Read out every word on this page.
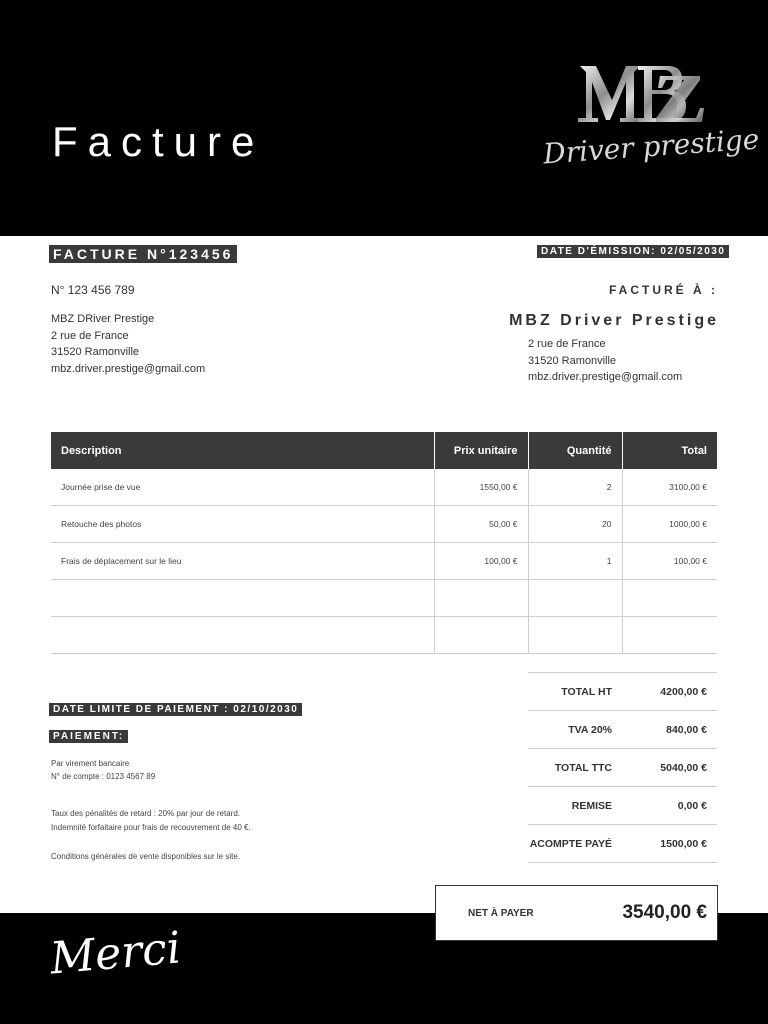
Facture	Driver prestige
FACTURE N°123456	DATE D'ÉMISSION: 02/05/2030
N° 123 456 789
MBZ DRiver Prestige
2 rue de France
31520 Ramonville
mbz.driver.prestige@gmail.com
FACTURÉ À :
MBZ Driver Prestige
2 rue de France
31520 Ramonville
mbz.driver.prestige@gmail.com
Description	Prix unitaire	Quantité	Total
Journée prise de vue	1550,00 €	2	3100,00 €
Retouche des photos	50,00 €	20	1000,00 €
Frais de déplacement sur le lieu	100,00 €	1	100,00 €

TOTAL HT	4200,00 €
TVA 20%	840,00 €
TOTAL TTC	5040,00 €
REMISE	0,00 €
ACOMPTE PAYÉ	1500,00 €
DATE LIMITE DE PAIEMENT : 02/10/2030
PAIEMENT:
Par virement bancaire
N° de compte : 0123 4567 89
Taux des pénalités de retard : 20% par jour de retard.
Indemnité forfaitaire pour frais de recouvrement de 40 €.
Conditions générales de vente disponibles sur le site.
Merci
NET À PAYER	3540,00 €
